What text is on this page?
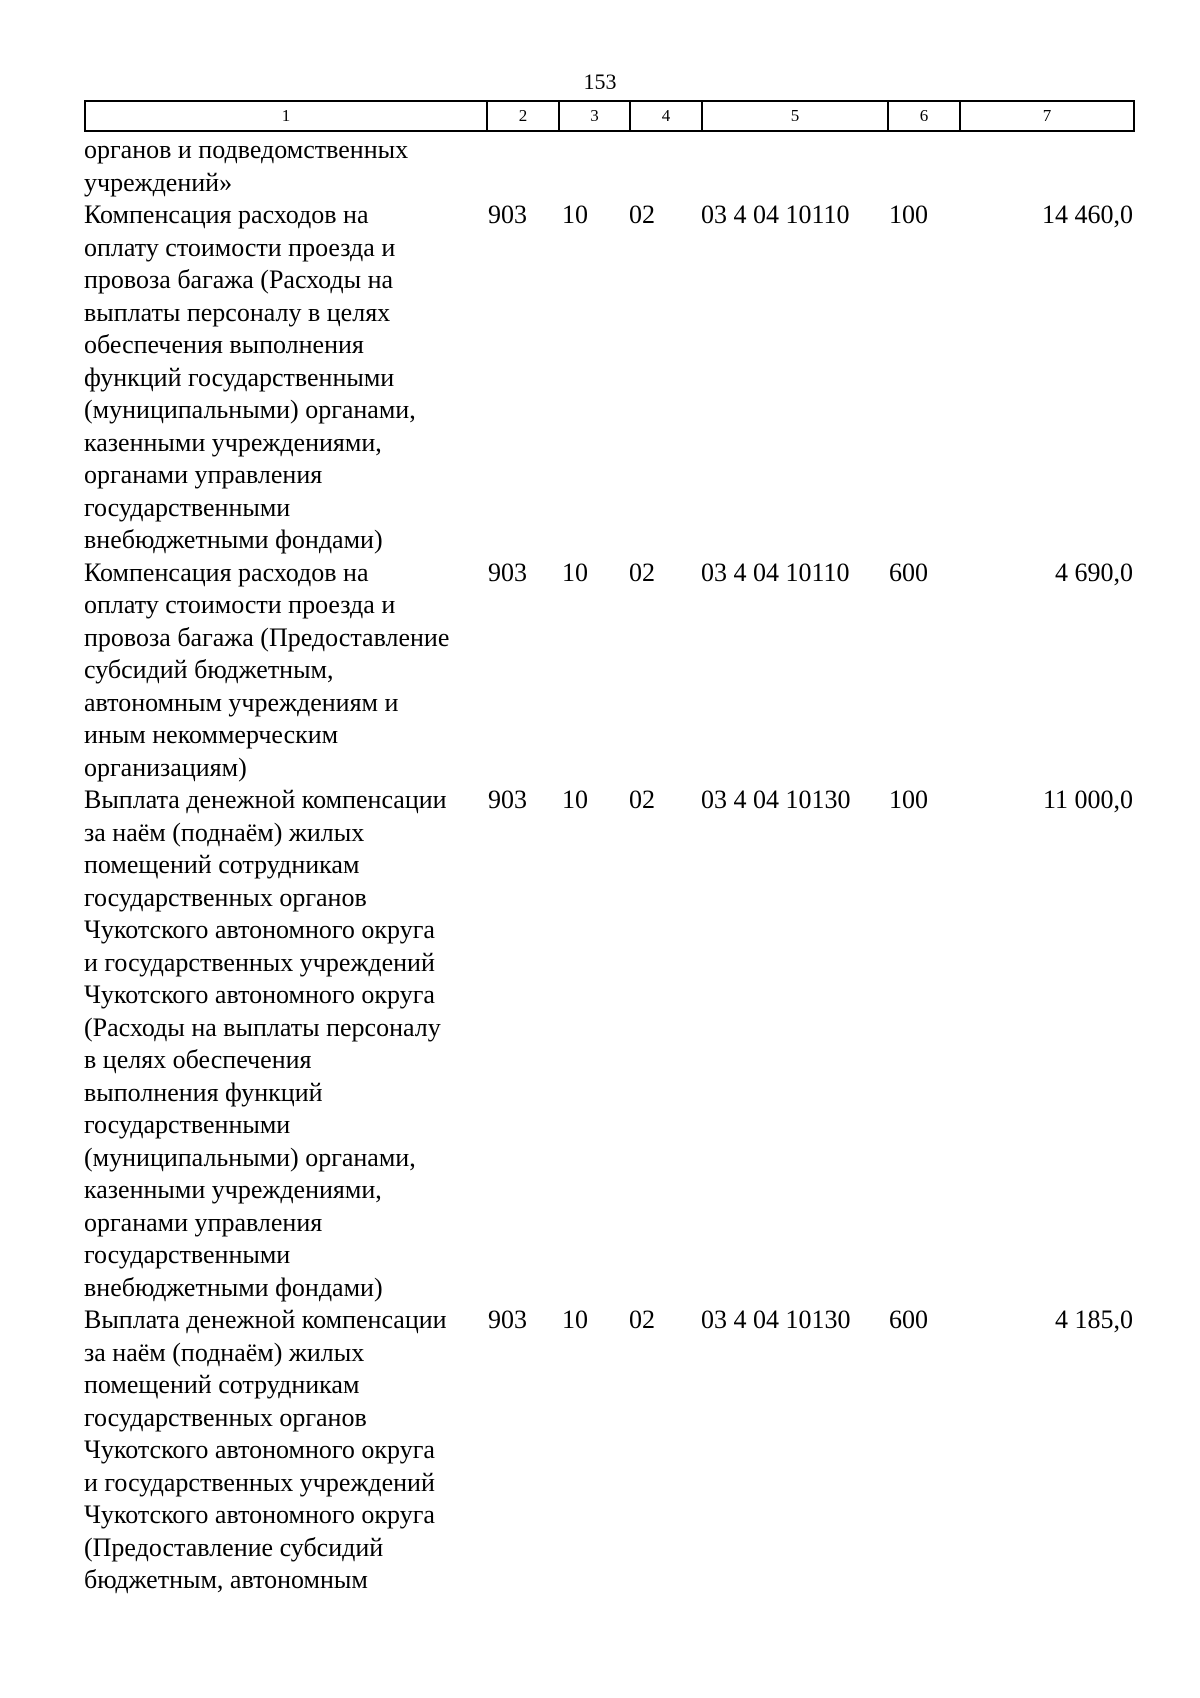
153
1	2	3	4	5	6	7
органов и подведомственных
учреждений»
Компенсация расходов на
оплату стоимости проезда и
провоза багажа (Расходы на
выплаты персоналу в целях
обеспечения выполнения
функций государственными
(муниципальными) органами,
казенными учреждениями,
органами управления
государственными
внебюджетными фондами)
903	10	02	03 4 04 10110	100	14 460,0
Компенсация расходов на
оплату стоимости проезда и
провоза багажа (Предоставление
субсидий бюджетным,
автономным учреждениям и
иным некоммерческим
организациям)
903	10	02	03 4 04 10110	600	4 690,0
Выплата денежной компенсации
за наём (поднаём) жилых
помещений сотрудникам
государственных органов
Чукотского автономного округа
и государственных учреждений
Чукотского автономного округа
(Расходы на выплаты персоналу
в целях обеспечения
выполнения функций
государственными
(муниципальными) органами,
казенными учреждениями,
органами управления
государственными
внебюджетными фондами)
903	10	02	03 4 04 10130	100	11 000,0
Выплата денежной компенсации
за наём (поднаём) жилых
помещений сотрудникам
государственных органов
Чукотского автономного округа
и государственных учреждений
Чукотского автономного округа
(Предоставление субсидий
бюджетным, автономным
903	10	02	03 4 04 10130	600	4 185,0
